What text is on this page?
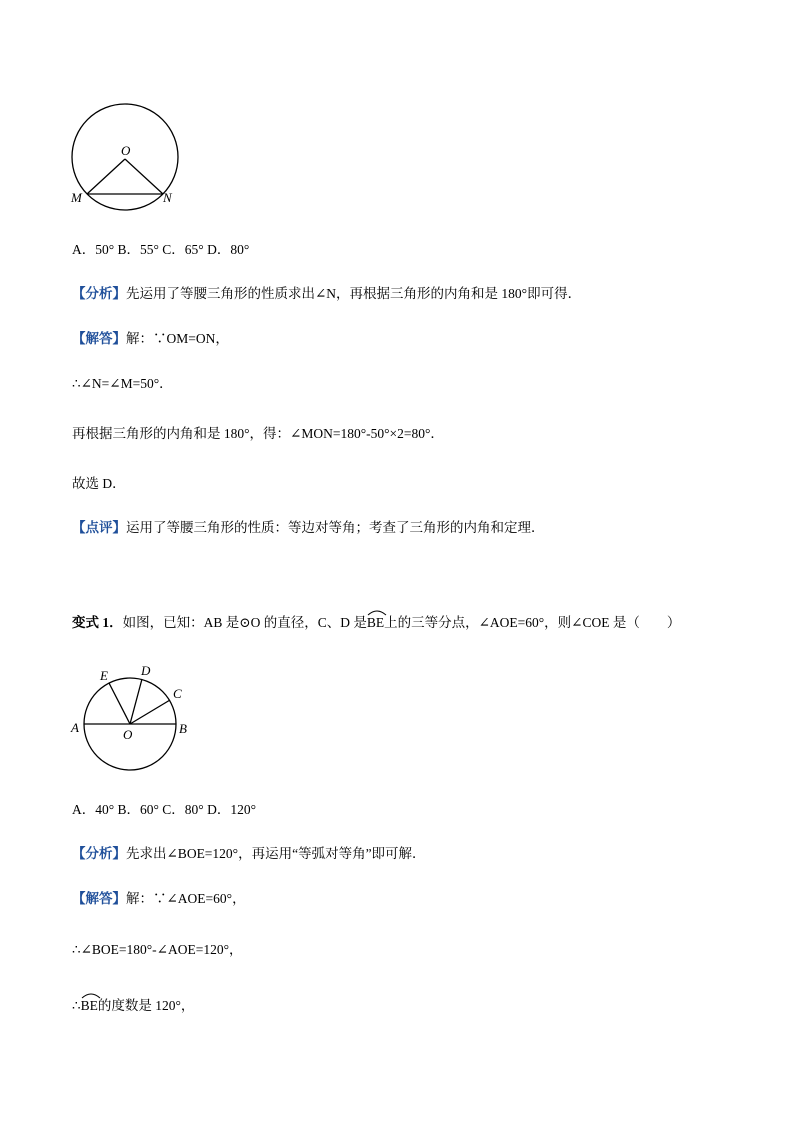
O
M	N
A．50° B．55° C．65° D．80°
【分析】先运用了等腰三角形的性质求出∠N，再根据三角形的内角和是 180°即可得．
【解答】解：∵OM=ON，
∴∠N=∠M=50°．
再根据三角形的内角和是 180°，得：∠MON=180°-50°×2=80°．
故选 D．
【点评】运用了等腰三角形的性质：等边对等角；考查了三角形的内角和定理．
变式 1．如图，已知：AB 是⊙O 的直径，C、D 是
BE上的三等分点，∠AOE=60°，则∠COE 是（　　）
A	B
C
D
E
O
A．40° B．60° C．80° D．120°
【分析】先求出∠BOE=120°，再运用“等弧对等角”即可解．
【解答】解：∵∠AOE=60°，
∴∠BOE=180°-∠AOE=120°，
∴
BE的度数是 120°，
